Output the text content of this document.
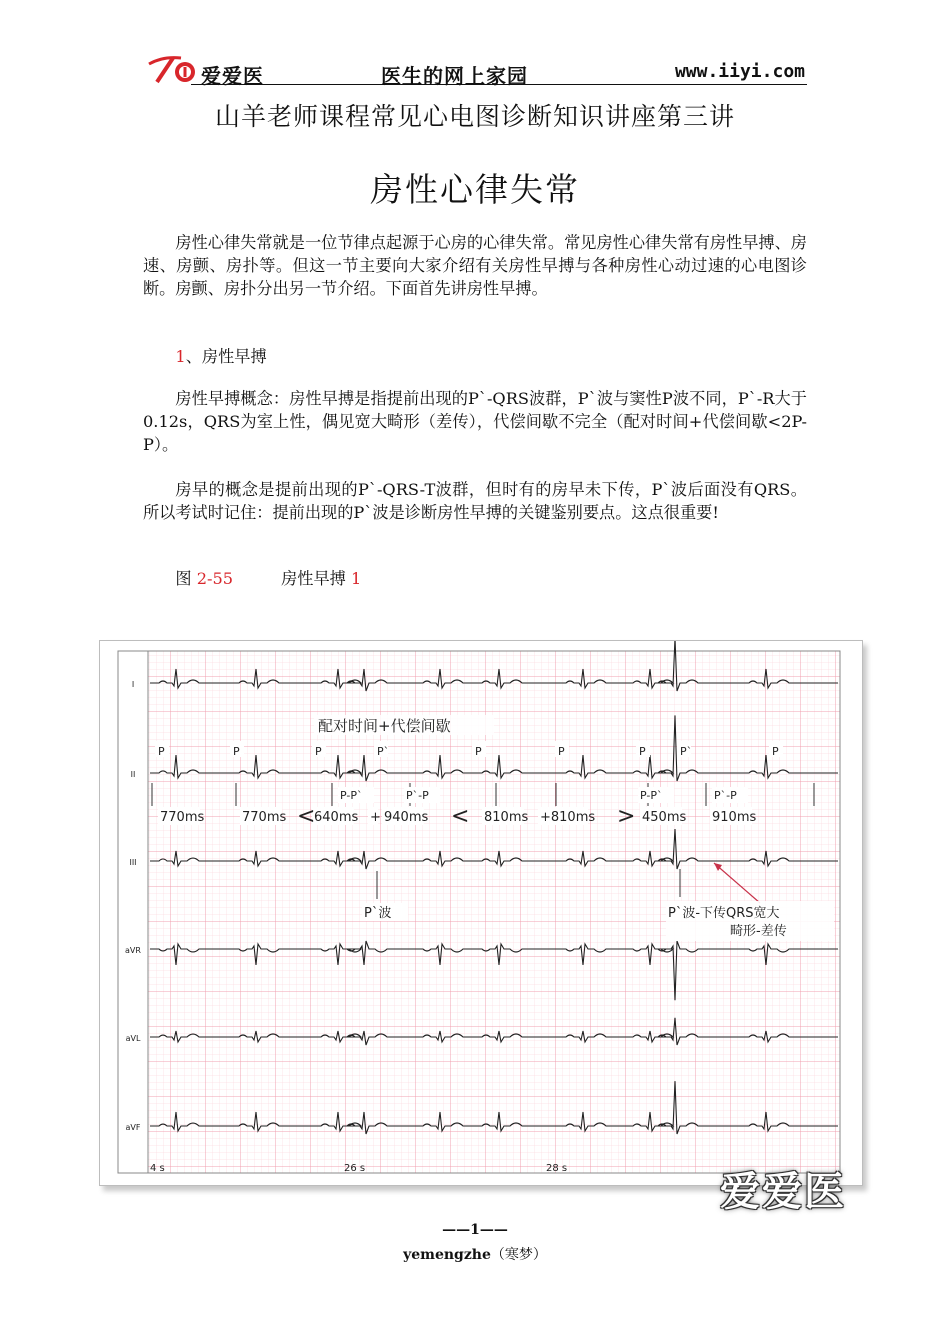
爱爱医	医生的网上家园	www.iiyi.com
山羊老师课程常见心电图诊断知识讲座第三讲
房性心律失常

房性心律失常就是一位节律点起源于心房的心律失常。常见房性心律失常有房性早搏、房速、房颤、房扑等。但这一节主要向大家介绍有关房性早搏与各种房性心动过速的心电图诊断。房颤、房扑分出另一节介绍。下面首先讲房性早搏。

1、房性早搏

房性早搏概念：房性早搏是指提前出现的P`-QRS波群，P`波与窦性P波不同，P`-R大于0.12s，QRS为室上性，偶见宽大畸形（差传），代偿间歇不完全（配对时间+代偿间歇<2P-P）。

房早的概念是提前出现的P`-QRS-T波群，但时有的房早未下传，P`波后面没有QRS。所以考试时记住：提前出现的P`波是诊断房性早搏的关键鉴别要点。这点很重要!

图 2-55	房性早搏 1

I
II
III
aVR
aVL
aVF
配对时间+代偿间歇
P	P	P	P`	P	P	P	P`	P
P-P`	P`-P	P-P`	P`-P
770ms	770ms 640ms + 940ms	810ms +810ms	450ms 910ms
<	<	>
P`波	P`波-下传QRS宽大
畸形-差传
4 s	26 s	28 s
爱爱医
——1——
yemengzhe（寒梦）
